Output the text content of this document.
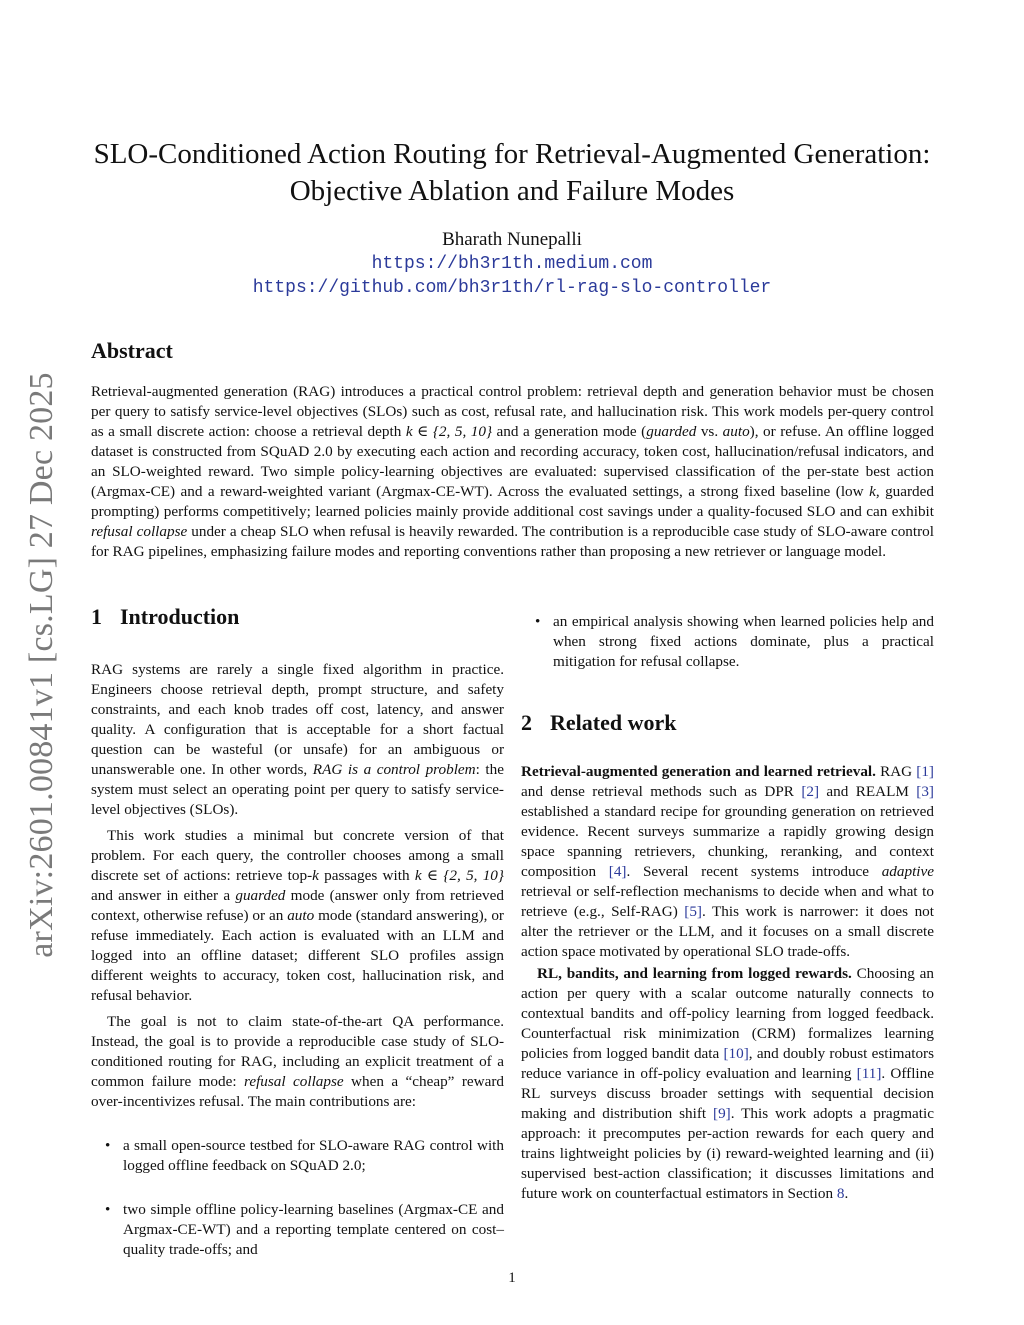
arXiv:2601.00841v1 [cs.LG] 27 Dec 2025
SLO-Conditioned Action Routing for Retrieval-Augmented Generation:
Objective Ablation and Failure Modes
Bharath Nunepalli
https://bh3r1th.medium.com
https://github.com/bh3r1th/rl-rag-slo-controller
Abstract

Retrieval-augmented generation (RAG) introduces a practical control problem: retrieval depth and generation behavior must be chosen per query to satisfy service-level objectives (SLOs) such as cost, refusal rate, and hallucination risk. This work models per-query control as a small discrete action: choose a retrieval depth k ∈ {2, 5, 10} and a generation mode (guarded vs. auto), or refuse. An offline logged dataset is constructed from SQuAD 2.0 by executing each action and recording accuracy, token cost, hallucination/refusal indicators, and an SLO-weighted reward. Two simple policy-learning objectives are evaluated: supervised classification of the per-state best action (Argmax-CE) and a reward-weighted variant (Argmax-CE-WT). Across the evaluated settings, a strong fixed baseline (low k, guarded prompting) performs competitively; learned policies mainly provide additional cost savings under a quality-focused SLO and can exhibit refusal collapse under a cheap SLO when refusal is heavily rewarded. The contribution is a reproducible case study of SLO-aware control for RAG pipelines, emphasizing failure modes and reporting conventions rather than proposing a new retriever or language model.

1 Introduction

RAG systems are rarely a single fixed algorithm in practice. Engineers choose retrieval depth, prompt structure, and safety constraints, and each knob trades off cost, latency, and answer quality. A configuration that is acceptable for a short factual question can be wasteful (or unsafe) for an ambiguous or unanswerable one. In other words, RAG is a control problem: the system must select an operating point per query to satisfy service-level objectives (SLOs).

This work studies a minimal but concrete version of that problem. For each query, the controller chooses among a small discrete set of actions: retrieve top-k passages with k ∈ {2, 5, 10} and answer in either a guarded mode (answer only from retrieved context, otherwise refuse) or an auto mode (standard answering), or refuse immediately. Each action is evaluated with an LLM and logged into an offline dataset; different SLO profiles assign different weights to accuracy, token cost, hallucination risk, and refusal behavior.

The goal is not to claim state-of-the-art QA performance. Instead, the goal is to provide a reproducible case study of SLO-conditioned routing for RAG, including an explicit treatment of a common failure mode: refusal collapse when a “cheap” reward over-incentivizes refusal. The main contributions are:

• a small open-source testbed for SLO-aware RAG control with logged offline feedback on SQuAD 2.0;
• two simple offline policy-learning baselines (Argmax-CE and Argmax-CE-WT) and a reporting template centered on cost–quality trade-offs; and
• an empirical analysis showing when learned policies help and when strong fixed actions dominate, plus a practical mitigation for refusal collapse.
2 Related work

Retrieval-augmented generation and learned retrieval. RAG [1] and dense retrieval methods such as DPR [2] and REALM [3] established a standard recipe for grounding generation on retrieved evidence. Recent surveys summarize a rapidly growing design space spanning retrievers, chunking, reranking, and context composition [4]. Several recent systems introduce adaptive retrieval or self-reflection mechanisms to decide when and what to retrieve (e.g., Self-RAG) [5]. This work is narrower: it does not alter the retriever or the LLM, and it focuses on a small discrete action space motivated by operational SLO trade-offs.

RL, bandits, and learning from logged rewards. Choosing an action per query with a scalar outcome naturally connects to contextual bandits and off-policy learning from logged feedback. Counterfactual risk minimization (CRM) formalizes learning policies from logged bandit data [10], and doubly robust estimators reduce variance in off-policy evaluation and learning [11]. Offline RL surveys discuss broader settings with sequential decision making and distribution shift [9]. This work adopts a pragmatic approach: it precomputes per-action rewards for each query and trains lightweight policies by (i) reward-weighted learning and (ii) supervised best-action classification; it discusses limitations and future work on counterfactual estimators in Section 8.

1
